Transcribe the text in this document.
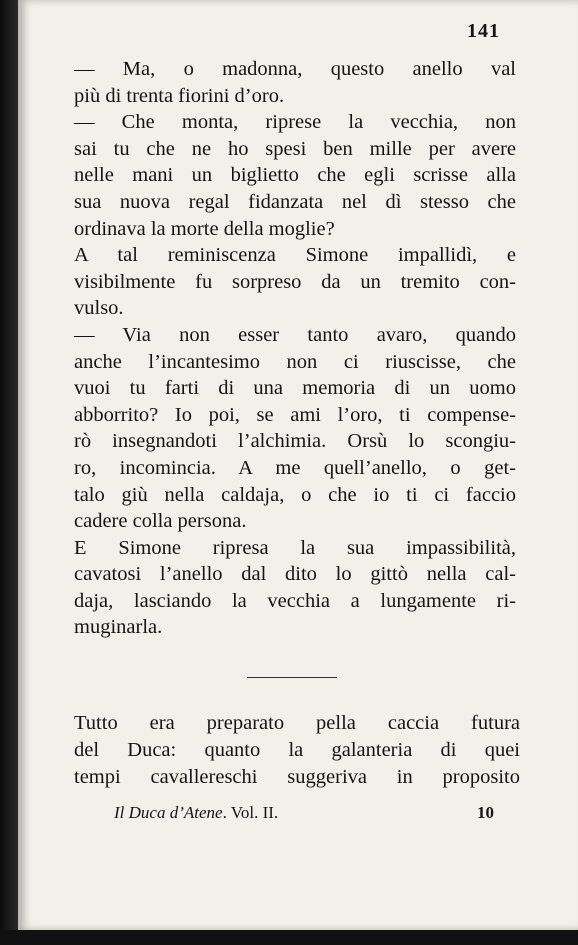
141
— Ma, o madonna, questo anello val
più di trenta fiorini d’oro.
— Che monta, riprese la vecchia, non
sai tu che ne ho spesi ben mille per avere
nelle mani un biglietto che egli scrisse alla
sua nuova regal fidanzata nel dì stesso che
ordinava la morte della moglie?
A tal reminiscenza Simone impallidì, e
visibilmente fu sorpreso da un tremito con-
vulso.
— Via non esser tanto avaro, quando
anche l’incantesimo non ci riuscisse, che
vuoi tu farti di una memoria di un uomo
abborrito? Io poi, se ami l’oro, ti compense-
rò insegnandoti l’alchimia. Orsù lo scongiu-
ro, incomincia. A me quell’anello, o get-
talo giù nella caldaja, o che io ti ci faccio
cadere colla persona.
E Simone ripresa la sua impassibilità,
cavatosi l’anello dal dito lo gittò nella cal-
daja, lasciando la vecchia a lungamente ri-
muginarla.
Tutto era preparato pella caccia futura
del Duca: quanto la galanteria di quei
tempi cavallereschi suggeriva in proposito
Il Duca d’Atene. Vol. II.	10
